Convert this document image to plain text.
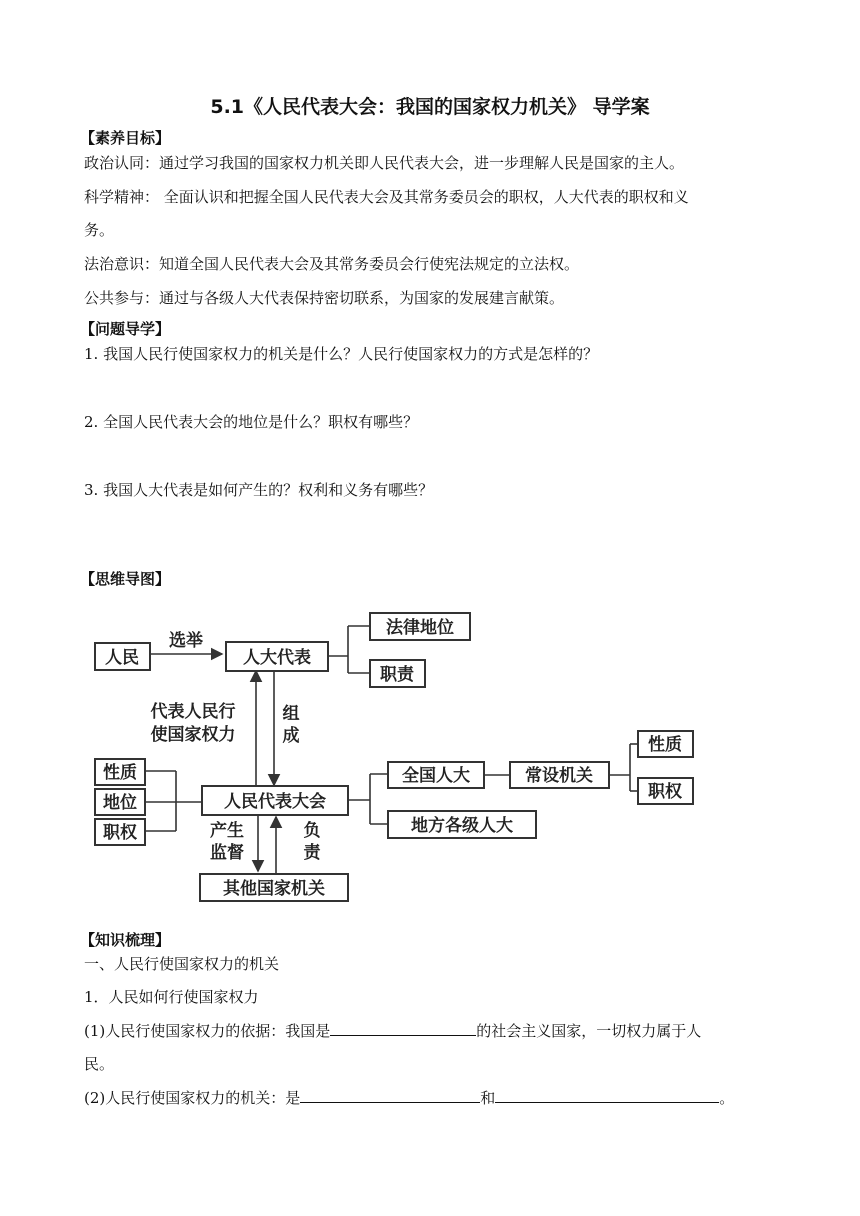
5.1《人民代表大会：我国的国家权力机关》 导学案
【素养目标】
政治认同：通过学习我国的国家权力机关即人民代表大会，进一步理解人民是国家的主人。
科学精神： 全面认识和把握全国人民代表大会及其常务委员会的职权，人大代表的职权和义
务。
法治意识：知道全国人民代表大会及其常务委员会行使宪法规定的立法权。
公共参与：通过与各级人大代表保持密切联系，为国家的发展建言献策。
【问题导学】
1. 我国人民行使国家权力的机关是什么？人民行使国家权力的方式是怎样的？
2. 全国人民代表大会的地位是什么？职权有哪些？
3. 我国人大代表是如何产生的？权利和义务有哪些？
【思维导图】
人民	人大代表
法律地位
职责
性质
地位
职权
人民代表大会
全国人大	常设机关
性质
职权
地方各级人大
其他国家机关
选举
代表人民行
使国家权力
组
成
产生
监督
负
责
【知识梳理】
一、人民行使国家权力的机关
1．人民如何行使国家权力
(1)人民行使国家权力的依据：我国是	的社会主义国家，一切权力属于人
民。
(2)人民行使国家权力的机关：是	和	。
